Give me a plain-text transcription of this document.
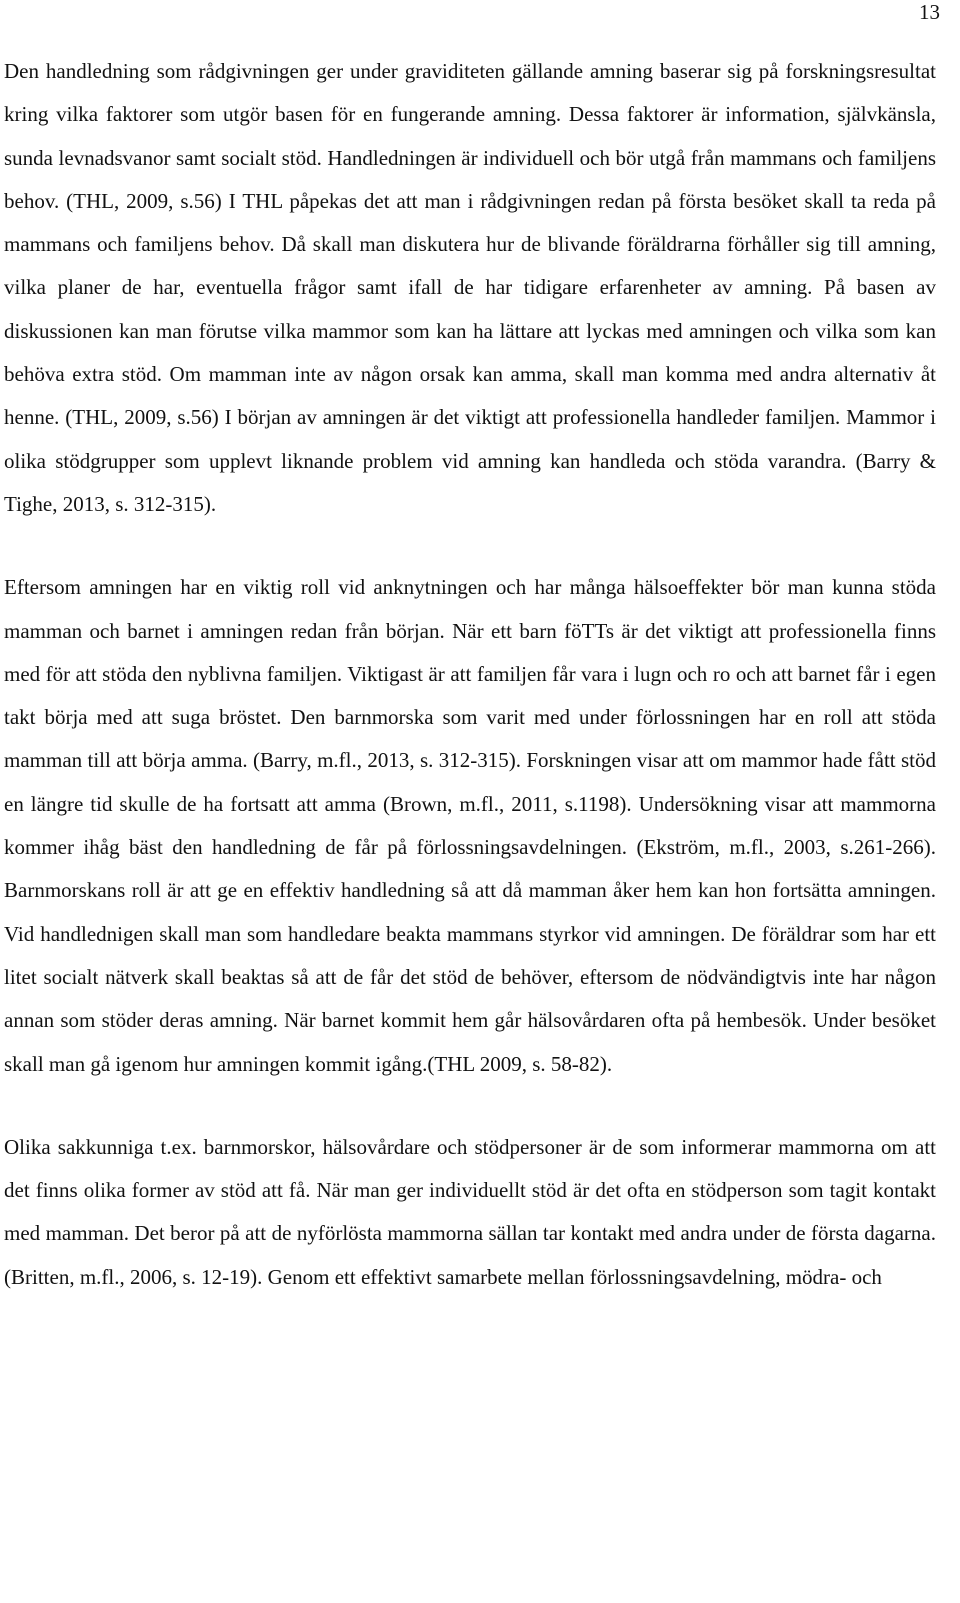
13

Den handledning som rådgivningen ger under graviditeten gällande amning baserar sig på forskningsresultat kring vilka faktorer som utgör basen för en fungerande amning. Dessa faktorer är information, självkänsla, sunda levnadsvanor samt socialt stöd. Handledningen är individuell och bör utgå från mammans och familjens behov. (THL, 2009, s.56) I THL påpekas det att man i rådgivningen redan på första besöket skall ta reda på mammans och familjens behov. Då skall man diskutera hur de blivande föräldrarna förhåller sig till amning, vilka planer de har, eventuella frågor samt ifall de har tidigare erfarenheter av amning. På basen av diskussionen kan man förutse vilka mammor som kan ha lättare att lyckas med amningen och vilka som kan behöva extra stöd. Om mamman inte av någon orsak kan amma, skall man komma med andra alternativ åt henne. (THL, 2009, s.56) I början av amningen är det viktigt att professionella handleder familjen. Mammor i olika stödgrupper som upplevt liknande problem vid amning kan handleda och stöda varandra. (Barry & Tighe, 2013, s. 312-315).

Eftersom amningen har en viktig roll vid anknytningen och har många hälsoeffekter bör man kunna stöda mamman och barnet i amningen redan från början. När ett barn föTTs är det viktigt att professionella finns med för att stöda den nyblivna familjen. Viktigast är att familjen får vara i lugn och ro och att barnet får i egen takt börja med att suga bröstet. Den barnmorska som varit med under förlossningen har en roll att stöda mamman till att börja amma. (Barry, m.fl., 2013, s. 312-315). Forskningen visar att om mammor hade fått stöd en längre tid skulle de ha fortsatt att amma (Brown, m.fl., 2011, s.1198). Undersökning visar att mammorna kommer ihåg bäst den handledning de får på förlossningsavdelningen. (Ekström, m.fl., 2003, s.261-266). Barnmorskans roll är att ge en effektiv handledning så att då mamman åker hem kan hon fortsätta amningen. Vid handlednigen skall man som handledare beakta mammans styrkor vid amningen. De föräldrar som har ett litet socialt nätverk skall beaktas så att de får det stöd de behöver, eftersom de nödvändigtvis inte har någon annan som stöder deras amning. När barnet kommit hem går hälsovårdaren ofta på hembesök. Under besöket skall man gå igenom hur amningen kommit igång.(THL 2009, s. 58-82).

Olika sakkunniga t.ex. barnmorskor, hälsovårdare och stödpersoner är de som informerar mammorna om att det finns olika former av stöd att få. När man ger individuellt stöd är det ofta en stödperson som tagit kontakt med mamman. Det beror på att de nyförlösta mammorna sällan tar kontakt med andra under de första dagarna. (Britten, m.fl., 2006, s. 12-19). Genom ett effektivt samarbete mellan förlossningsavdelning, mödra- och
